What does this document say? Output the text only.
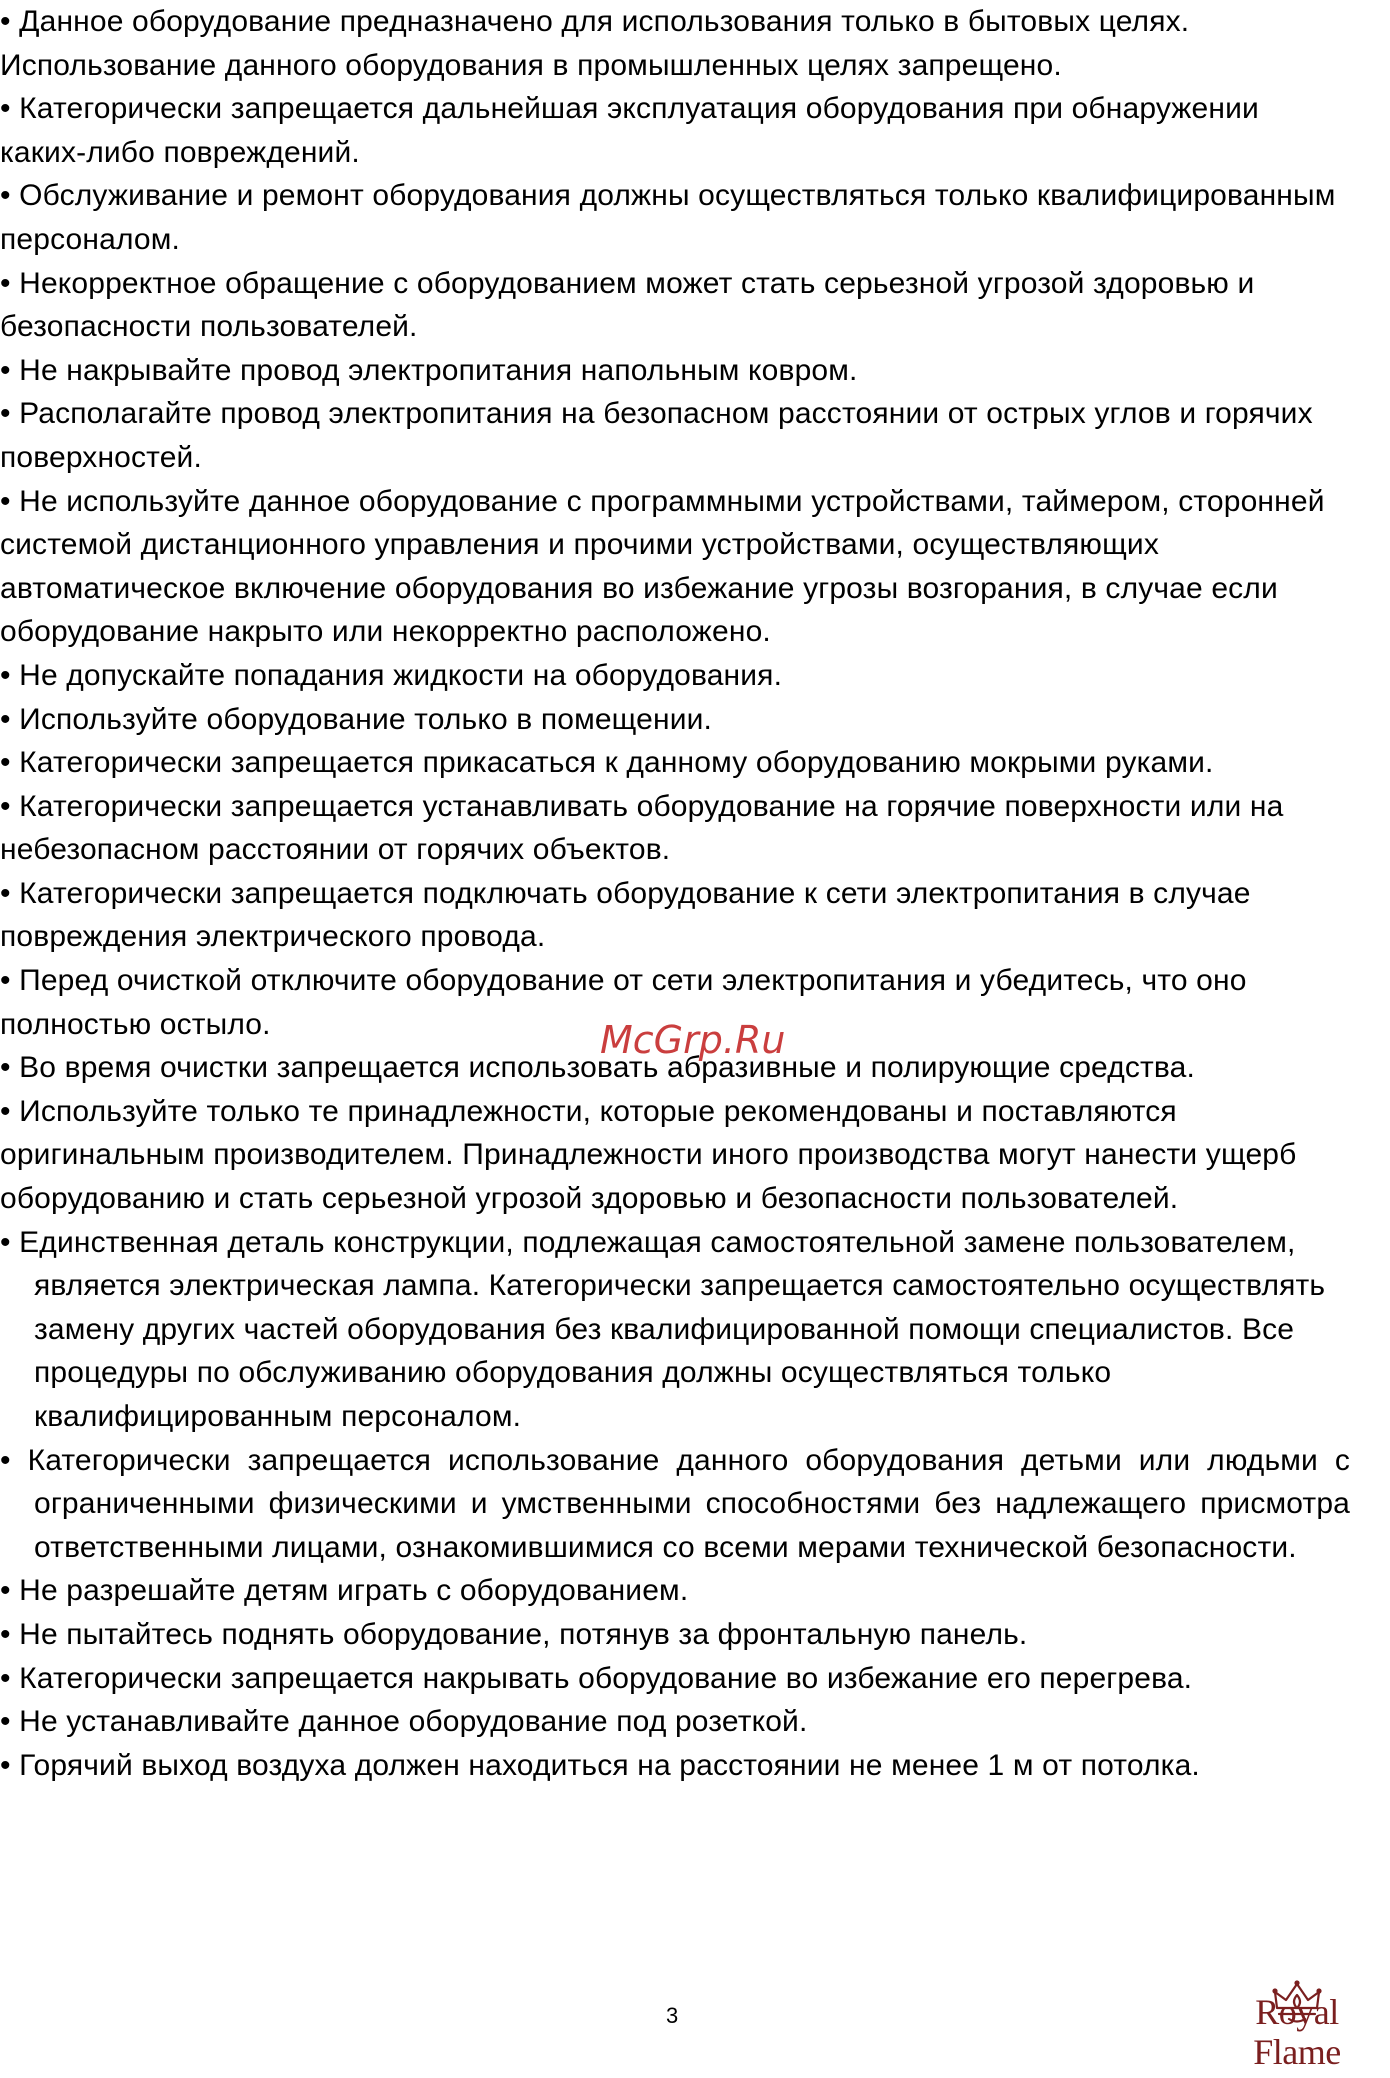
• Данное оборудование предназначено для использования только в бытовых целях. Использование данного оборудования в промышленных целях запрещено.

• Категорически запрещается дальнейшая эксплуатация оборудования при обнаружении каких-либо повреждений.

• Обслуживание и ремонт оборудования должны осуществляться только квалифицированным персоналом.

• Некорректное обращение с оборудованием может стать серьезной угрозой здоровью и безопасности пользователей.

• Не накрывайте провод электропитания напольным ковром.

• Располагайте провод электропитания на безопасном расстоянии от острых углов и горячих поверхностей.

• Не используйте данное оборудование с программными устройствами, таймером, сторонней системой дистанционного управления и прочими устройствами, осуществляющих автоматическое включение оборудования во избежание угрозы возгорания, в случае если оборудование накрыто или некорректно расположено.

• Не допускайте попадания жидкости на оборудования.

• Используйте оборудование только в помещении.

• Категорически запрещается прикасаться к данному оборудованию мокрыми руками.

• Категорически запрещается устанавливать оборудование на горячие поверхности или на небезопасном расстоянии от горячих объектов.

• Категорически запрещается подключать оборудование к сети электропитания в случае повреждения электрического провода.

• Перед очисткой отключите оборудование от сети электропитания и убедитесь, что оно полностью остыло.

• Во время очистки запрещается использовать абразивные и полирующие средства.

• Используйте только те принадлежности, которые рекомендованы и поставляются оригинальным производителем. Принадлежности иного производства могут нанести ущерб оборудованию и стать серьезной угрозой здоровью и безопасности пользователей.

• Единственная деталь конструкции, подлежащая самостоятельной замене пользователем, является электрическая лампа. Категорически запрещается самостоятельно осуществлять замену других частей оборудования без квалифицированной помощи специалистов. Все процедуры по обслуживанию оборудования должны осуществляться только квалифицированным персоналом.

• Категорически запрещается использование данного оборудования детьми или людьми с ограниченными физическими и умственными способностями без надлежащего присмотра ответственными лицами, ознакомившимися со всеми мерами технической безопасности.

• Не разрешайте детям играть с оборудованием.

• Не пытайтесь поднять оборудование, потянув за фронтальную панель.

• Категорически запрещается накрывать оборудование во избежание его перегрева.

• Не устанавливайте данное оборудование под розеткой.

• Горячий выход воздуха должен находиться на расстоянии не менее 1 м от потолка.

McGrp.Ru
3	Royal Flame
